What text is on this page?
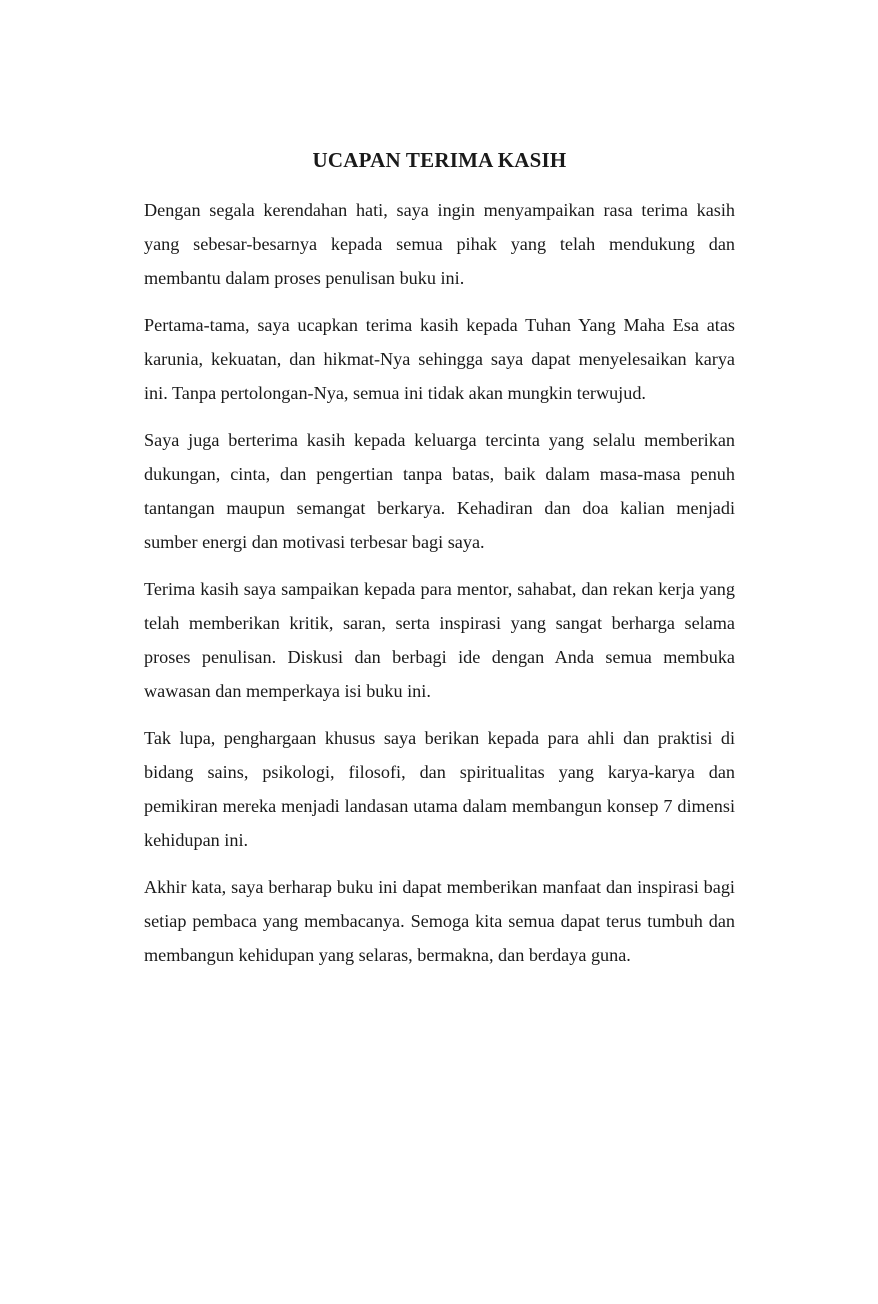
UCAPAN TERIMA KASIH

Dengan segala kerendahan hati, saya ingin menyampaikan rasa terima kasih yang sebesar-besarnya kepada semua pihak yang telah mendukung dan membantu dalam proses penulisan buku ini.

Pertama-tama, saya ucapkan terima kasih kepada Tuhan Yang Maha Esa atas karunia, kekuatan, dan hikmat-Nya sehingga saya dapat menyelesaikan karya ini. Tanpa pertolongan-Nya, semua ini tidak akan mungkin terwujud.

Saya juga berterima kasih kepada keluarga tercinta yang selalu memberikan dukungan, cinta, dan pengertian tanpa batas, baik dalam masa-masa penuh tantangan maupun semangat berkarya. Kehadiran dan doa kalian menjadi sumber energi dan motivasi terbesar bagi saya.

Terima kasih saya sampaikan kepada para mentor, sahabat, dan rekan kerja yang telah memberikan kritik, saran, serta inspirasi yang sangat berharga selama proses penulisan. Diskusi dan berbagi ide dengan Anda semua membuka wawasan dan memperkaya isi buku ini.

Tak lupa, penghargaan khusus saya berikan kepada para ahli dan praktisi di bidang sains, psikologi, filosofi, dan spiritualitas yang karya-karya dan pemikiran mereka menjadi landasan utama dalam membangun konsep 7 dimensi kehidupan ini.

Akhir kata, saya berharap buku ini dapat memberikan manfaat dan inspirasi bagi setiap pembaca yang membacanya. Semoga kita semua dapat terus tumbuh dan membangun kehidupan yang selaras, bermakna, dan berdaya guna.
